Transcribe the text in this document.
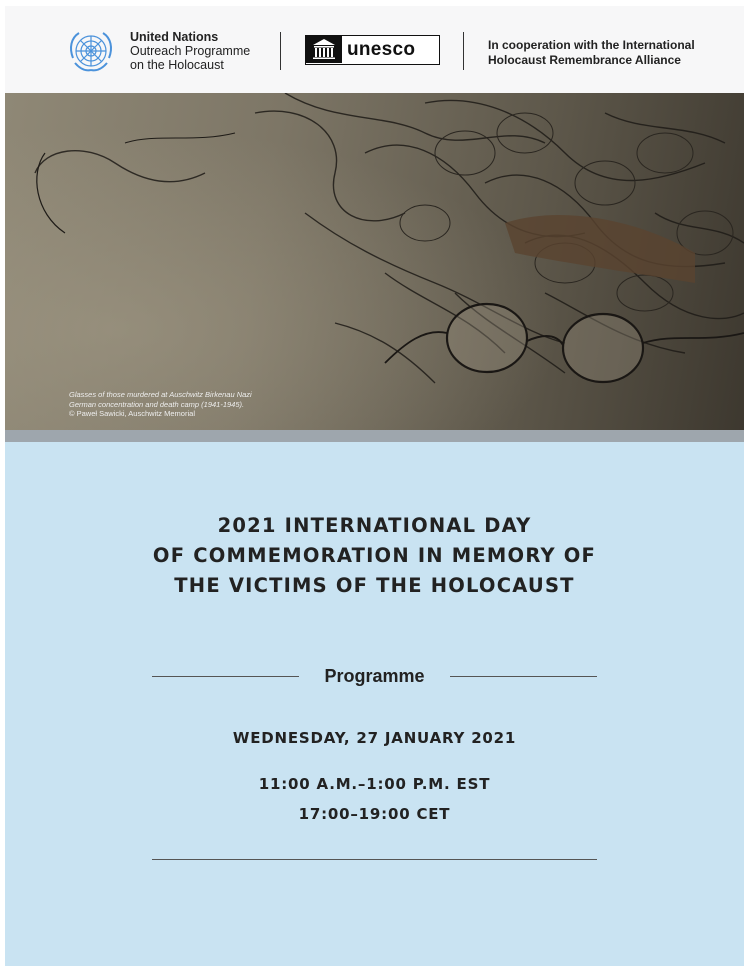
United Nations
Outreach Programme
on the Holocaust
unesco	In cooperation with the International
Holocaust Remembrance Alliance
Glasses of those murdered at Auschwitz Birkenau Nazi
German concentration and death camp (1941-1945).
© Paweł Sawicki, Auschwitz Memorial
2021 INTERNATIONAL DAY
OF COMMEMORATION IN MEMORY OF
THE VICTIMS OF THE HOLOCAUST
Programme
WEDNESDAY, 27 JANUARY 2021
11:00 A.M.–1:00 P.M. EST
17:00–19:00 CET
